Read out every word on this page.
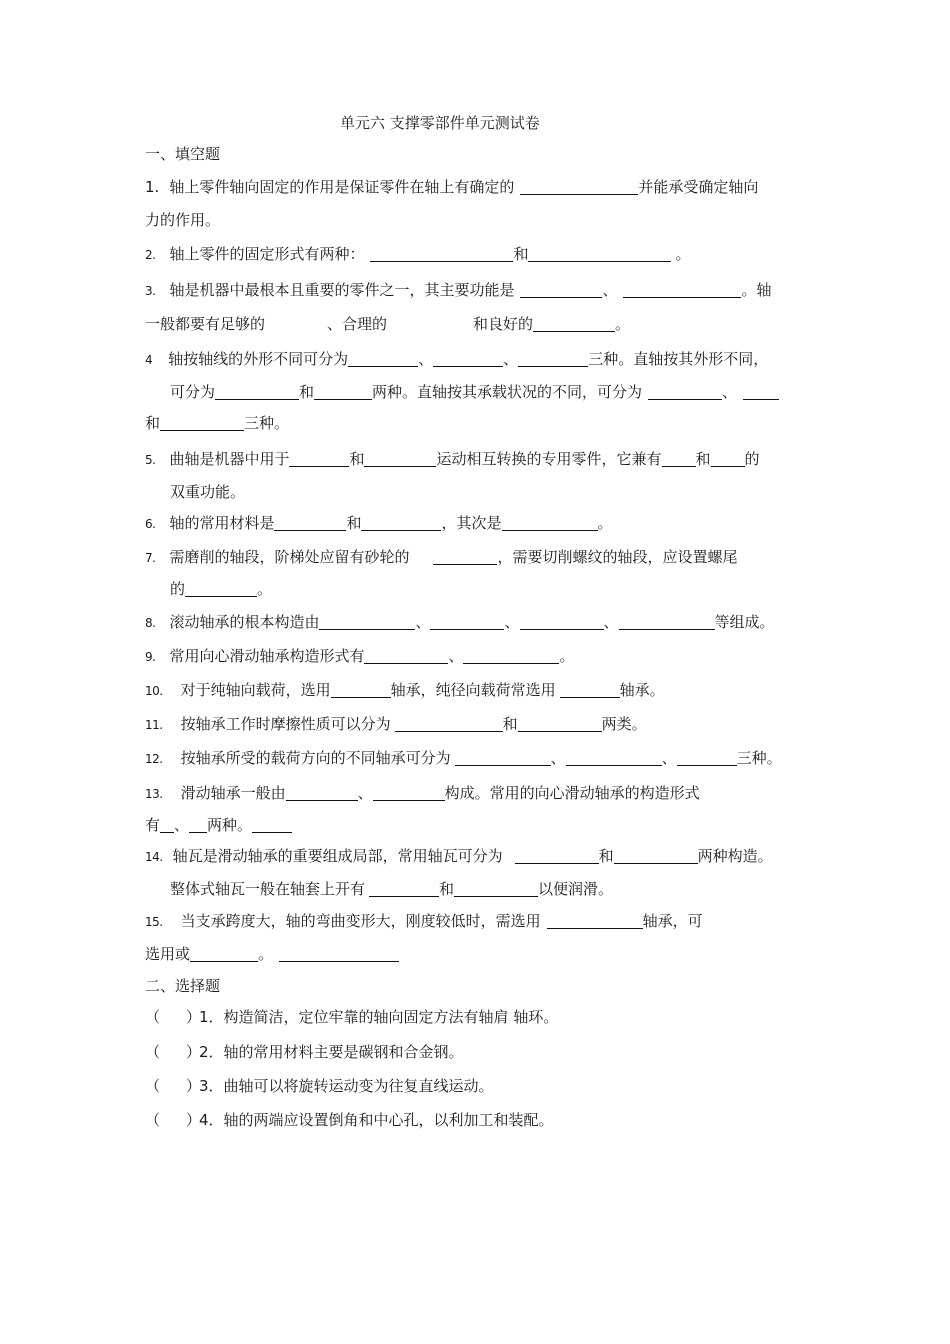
单元六 支撑零部件单元测试卷
一、填空题
1. 轴上零件轴向固定的作用是保证零件在轴上有确定的	并能承受确定轴向
力的作用。
2. 轴上零件的固定形式有两种：	和	。
3. 轴是机器中最根本且重要的零件之一，其主要功能是	、	。轴
一般都要有足够的	、合理的	和良好的	。
4 轴按轴线的外形不同可分为	、	、	三种。直轴按其外形不同，
可分为	和	两种。直轴按其承载状况的不同，可分为	、
和	三种。
5. 曲轴是机器中用于	和	运动相互转换的专用零件，它兼有 和 的
双重功能。
6. 轴的常用材料是	和	，其次是	。
7. 需磨削的轴段，阶梯处应留有砂轮的	，需要切削螺纹的轴段，应设置螺尾
的	。
8. 滚动轴承的根本构造由	、	、	、	等组成。
9. 常用向心滑动轴承构造形式有	、	。
10. 对于纯轴向载荷，选用	轴承，纯径向载荷常选用	轴承。
11. 按轴承工作时摩擦性质可以分为	和	两类。
12. 按轴承所受的载荷方向的不同轴承可分为	、	、	三种。
13. 滑动轴承一般由	、	构成。常用的向心滑动轴承的构造形式
有 、 两种。
14. 轴瓦是滑动轴承的重要组成局部，常用轴瓦可分为	和	两种构造。
整体式轴瓦一般在轴套上开有	和	以便润滑。
15. 当支承跨度大，轴的弯曲变形大，刚度较低时，需选用	轴承，可
选用或	。
二、选择题
（ ）1．构造简洁，定位牢靠的轴向固定方法有轴肩 轴环。
（ ）2．轴的常用材料主要是碳钢和合金钢。
（ ）3．曲轴可以将旋转运动变为往复直线运动。
（ ）4．轴的两端应设置倒角和中心孔，以利加工和装配。
